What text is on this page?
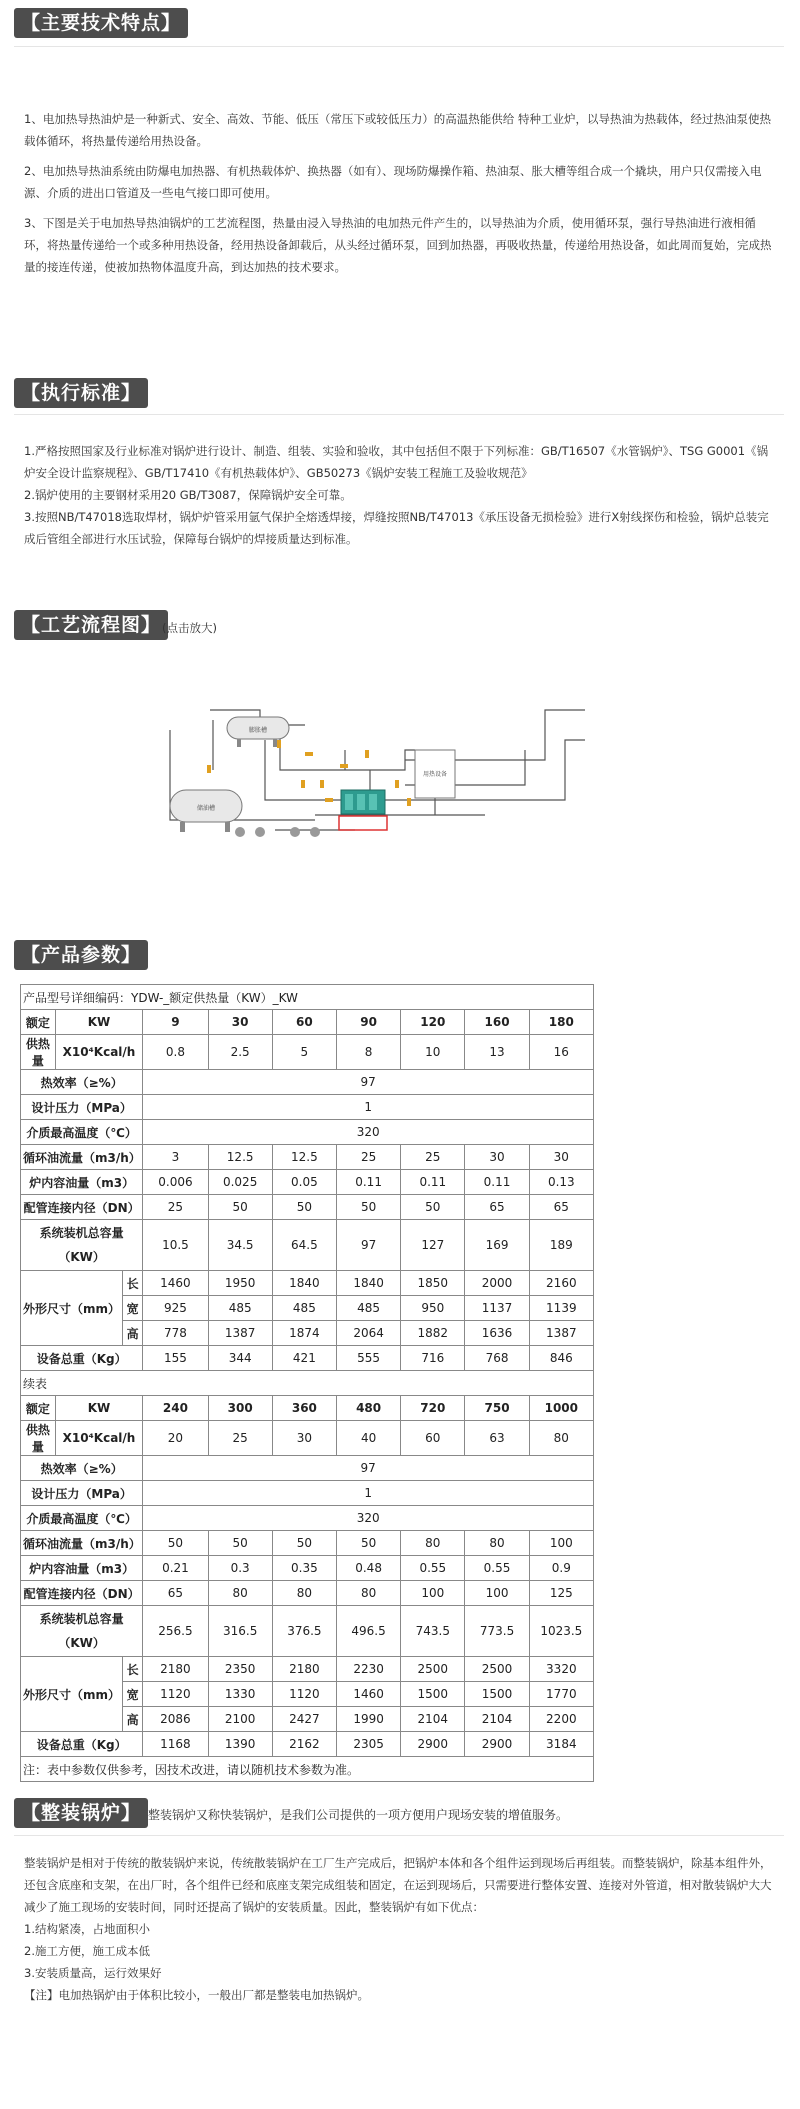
【主要技术特点】

1、电加热导热油炉是一种新式、安全、高效、节能、低压（常压下或较低压力）的高温热能供给 特种工业炉，以导热油为热载体，经过热油泵使热载体循环，将热量传递给用热设备。

2、电加热导热油系统由防爆电加热器、有机热载体炉、换热器（如有）、现场防爆操作箱、热油泵、胀大槽等组合成一个撬块，用户只仅需接入电源、介质的进出口管道及一些电气接口即可使用。

3、下图是关于电加热导热油锅炉的工艺流程图，热量由浸入导热油的电加热元件产生的，以导热油为介质，使用循环泵，强行导热油进行液相循环，将热量传递给一个或多种用热设备，经用热设备卸载后，从头经过循环泵，回到加热器，再吸收热量，传递给用热设备，如此周而复始，完成热量的接连传递，使被加热物体温度升高，到达加热的技术要求。

【执行标准】
1.严格按照国家及行业标准对锅炉进行设计、制造、组装、实验和验收，其中包括但不限于下列标准：GB/T16507《水管锅炉》、TSG G0001《锅炉安全设计监察规程》、GB/T17410《有机热载体炉》、GB50273《锅炉安装工程施工及验收规范》
2.锅炉使用的主要钢材采用20 GB/T3087，保障锅炉安全可靠。
3.按照NB/T47018选取焊材，锅炉炉管采用氩气保护全熔透焊接，焊缝按照NB/T47013《承压设备无损检验》进行X射线探伤和检验，锅炉总装完成后管组全部进行水压试验，保障每台锅炉的焊接质量达到标准。
【工艺流程图】 (点击放大)
膨胀槽
储油槽
用热设备
【产品参数】
产品型号详细编码：YDW-_额定供热量（KW）_KW									
额定	KW		9	30	60	90	120	160	180
供热量	X10⁴Kcal/h		0.8	2.5	5	8	10	13	16
热效率（≥%）			97						
设计压力（MPa）			1						
介质最高温度（℃）			320						
循环油流量（m3/h）			3	12.5	12.5	25	25	30	30
炉内容油量（m3）			0.006	0.025	0.05	0.11	0.11	0.11	0.13
配管连接内径（DN）			25	50	50	50	50	65	65
系统装机总容量
（KW）			10.5	34.5	64.5	97	127	169	189
外形尺寸（mm）		长	1460	1950	1840	1840	1850	2000	2160
		宽	925	485	485	485	950	1137	1139
		高	778	1387	1874	2064	1882	1636	1387
设备总重（Kg）			155	344	421	555	716	768	846
续表									
额定	KW		240	300	360	480	720	750	1000
供热量	X10⁴Kcal/h		20	25	30	40	60	63	80
热效率（≥%）			97						
设计压力（MPa）			1						
介质最高温度（℃）			320						
循环油流量（m3/h）			50	50	50	50	80	80	100
炉内容油量（m3）			0.21	0.3	0.35	0.48	0.55	0.55	0.9
配管连接内径（DN）			65	80	80	80	100	100	125
系统装机总容量
（KW）			256.5	316.5	376.5	496.5	743.5	773.5	1023.5
外形尺寸（mm）		长	2180	2350	2180	2230	2500	2500	3320
		宽	1120	1330	1120	1460	1500	1500	1770
		高	2086	2100	2427	1990	2104	2104	2200
设备总重（Kg）			1168	1390	2162	2305	2900	2900	3184
注：表中参数仅供参考，因技术改进，请以随机技术参数为准。									
【整装锅炉】 整装锅炉又称快装锅炉，是我们公司提供的一项方便用户现场安装的增值服务。

整装锅炉是相对于传统的散装锅炉来说，传统散装锅炉在工厂生产完成后，把锅炉本体和各个组件运到现场后再组装。而整装锅炉，除基本组件外，还包含底座和支架，在出厂时，各个组件已经和底座支架完成组装和固定，在运到现场后，只需要进行整体安置、连接对外管道，相对散装锅炉大大减少了施工现场的安装时间，同时还提高了锅炉的安装质量。因此，整装锅炉有如下优点：

1.结构紧凑，占地面积小
2.施工方便，施工成本低
3.安装质量高，运行效果好
【注】电加热锅炉由于体积比较小，一般出厂都是整装电加热锅炉。
